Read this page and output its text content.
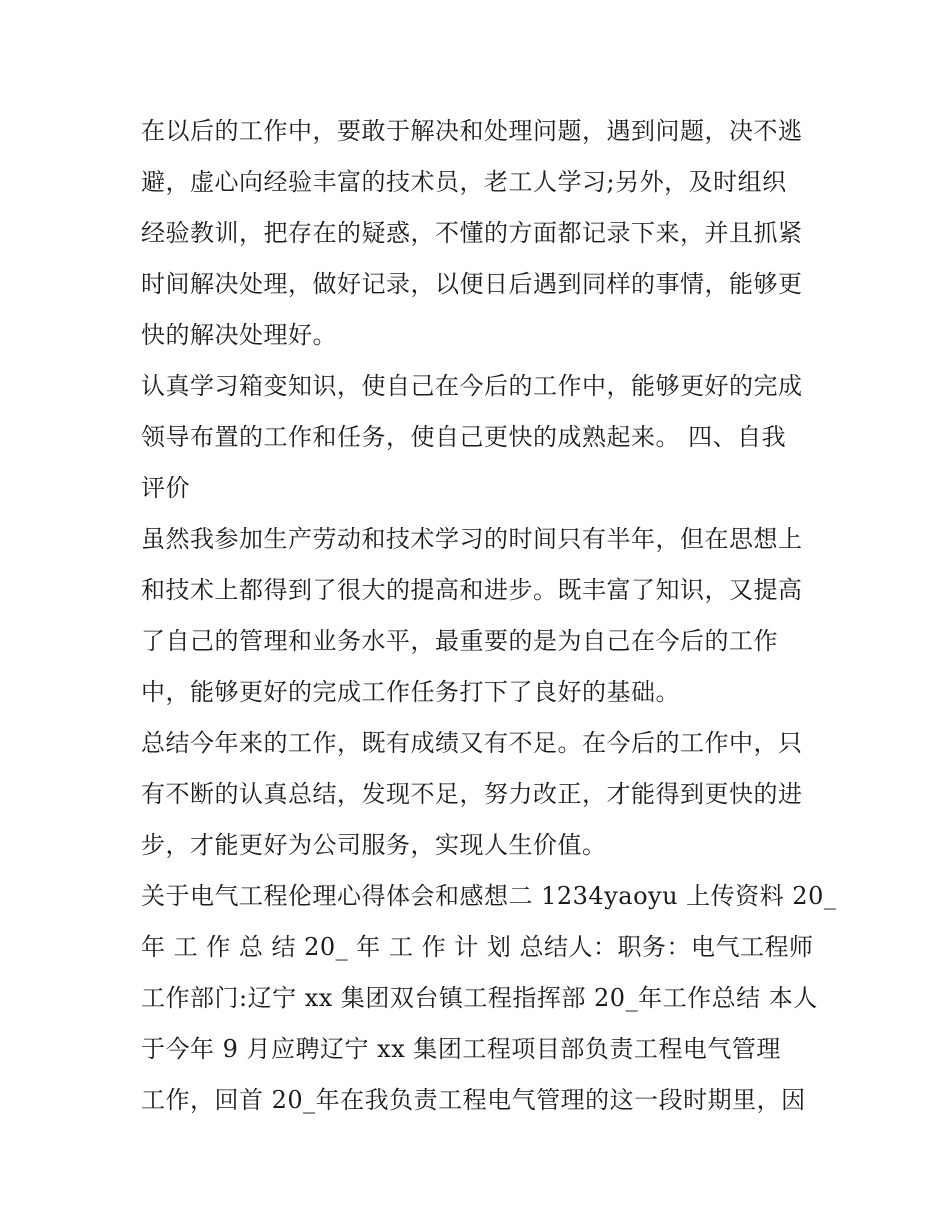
在以后的工作中，要敢于解决和处理问题，遇到问题，决不逃
避，虚心向经验丰富的技术员，老工人学习;另外，及时组织
经验教训，把存在的疑惑，不懂的方面都记录下来，并且抓紧
时间解决处理，做好记录，以便日后遇到同样的事情，能够更
快的解决处理好。
认真学习箱变知识，使自己在今后的工作中，能够更好的完成
领导布置的工作和任务，使自己更快的成熟起来。 四、自我
评价
虽然我参加生产劳动和技术学习的时间只有半年，但在思想上
和技术上都得到了很大的提高和进步。既丰富了知识，又提高
了自己的管理和业务水平，最重要的是为自己在今后的工作
中，能够更好的完成工作任务打下了良好的基础。
总结今年来的工作，既有成绩又有不足。在今后的工作中，只
有不断的认真总结，发现不足，努力改正，才能得到更快的进
步，才能更好为公司服务，实现人生价值。
关于电气工程伦理心得体会和感想二 1234yaoyu 上传资料 20_
年 工 作 总 结 20_ 年 工 作 计 划 总结人：职务：电气工程师
工作部门:辽宁 xx 集团双台镇工程指挥部 20_年工作总结 本人
于今年 9 月应聘辽宁 xx 集团工程项目部负责工程电气管理
工作，回首 20_年在我负责工程电气管理的这一段时期里，因
